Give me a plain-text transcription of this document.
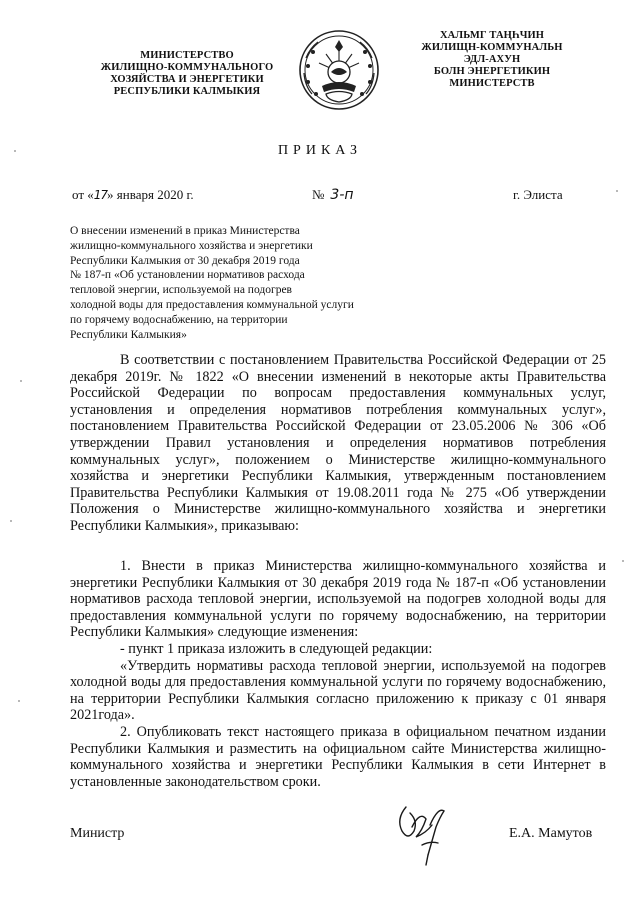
МИНИСТЕРСТВО
ЖИЛИЩНО-КОММУНАЛЬНОГО
ХОЗЯЙСТВА И ЭНЕРГЕТИКИ
РЕСПУБЛИКИ КАЛМЫКИЯ
ХАЛЬМГ ТАҢҺЧИН
ЖИЛИЩН-КОММУНАЛЬН
ЭДЛ-АХУН
БОЛН ЭНЕРГЕТИКИН
МИНИСТЕРСТВ
ПРИКАЗ
от «17» января 2020 г.	№ 3-п	г. Элиста
О внесении изменений в приказ Министерства
жилищно-коммунального хозяйства и энергетики
Республики Калмыкия от 30 декабря 2019 года
№ 187-п «Об установлении нормативов расхода
тепловой энергии, используемой на подогрев
холодной воды для предоставления коммунальной услуги
по горячему водоснабжению, на территории
Республики Калмыкия»
В соответствии с постановлением Правительства Российской Федерации от 25 декабря 2019г. № 1822 «О внесении изменений в некоторые акты Правительства Российской Федерации по вопросам предоставления коммунальных услуг, установления и определения нормативов потребления коммунальных услуг», постановлением Правительства Российской Федерации от 23.05.2006 № 306 «Об утверждении Правил установления и определения нормативов потребления коммунальных услуг», положением о Министерстве жилищно-коммунального хозяйства и энергетики Республики Калмыкия, утвержденным постановлением Правительства Республики Калмыкия от 19.08.2011 года № 275 «Об утверждении Положения о Министерстве жилищно-коммунального хозяйства и энергетики Республики Калмыкия», приказываю:
1. Внести в приказ Министерства жилищно-коммунального хозяйства и энергетики Республики Калмыкия от 30 декабря 2019 года № 187-п «Об установлении нормативов расхода тепловой энергии, используемой на подогрев холодной воды для предоставления коммунальной услуги по горячему водоснабжению, на территории Республики Калмыкия» следующие изменения:
- пункт 1 приказа изложить в следующей редакции:
«Утвердить нормативы расхода тепловой энергии, используемой на подогрев холодной воды для предоставления коммунальной услуги по горячему водоснабжению, на территории Республики Калмыкия согласно приложению к приказу с 01 января 2021года».
2. Опубликовать текст настоящего приказа в официальном печатном издании Республики Калмыкия и разместить на официальном сайте Министерства жилищно-коммунального хозяйства и энергетики Республики Калмыкия в сети Интернет в установленные законодательством сроки.
Министр	Е.А. Мамутов
